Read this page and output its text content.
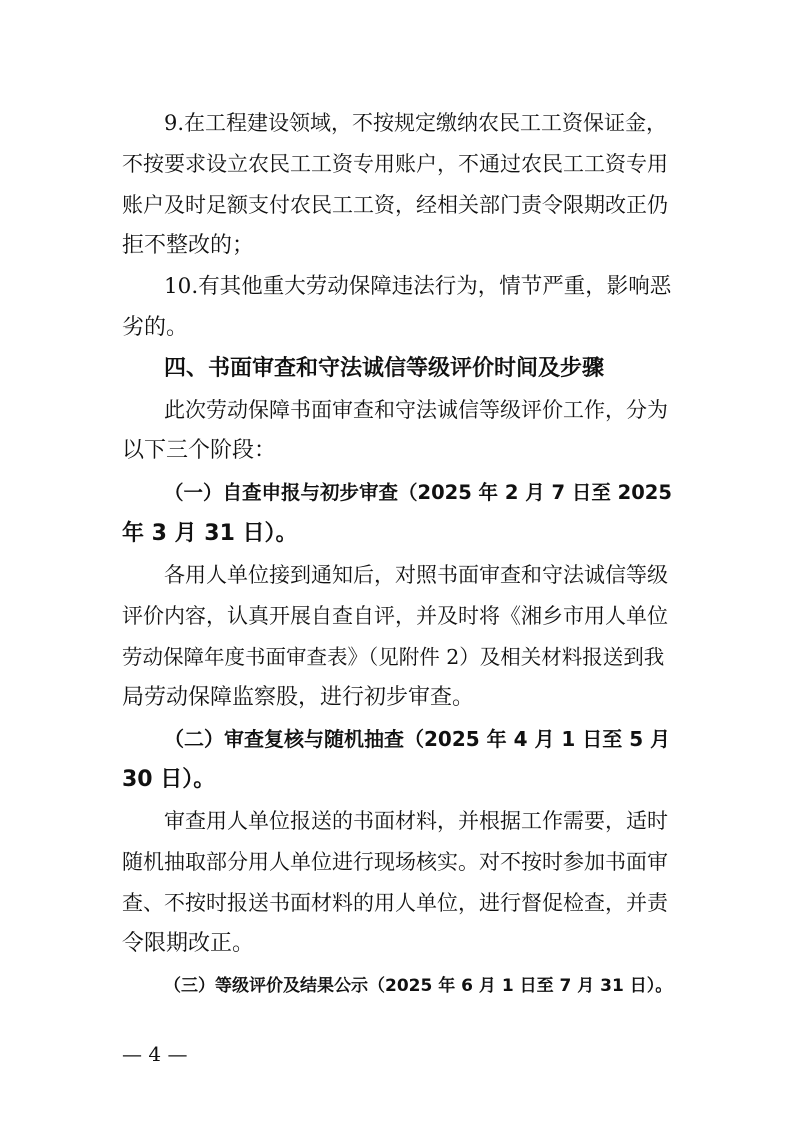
9.在工程建设领域，不按规定缴纳农民工工资保证金，
不按要求设立农民工工资专用账户，不通过农民工工资专用
账户及时足额支付农民工工资，经相关部门责令限期改正仍
拒不整改的；
10.有其他重大劳动保障违法行为，情节严重，影响恶
劣的。
四、书面审查和守法诚信等级评价时间及步骤
此次劳动保障书面审查和守法诚信等级评价工作，分为
以下三个阶段：
（一）自查申报与初步审查（2025 年 2 月 7 日至 2025
年 3 月 31 日）。
各用人单位接到通知后，对照书面审查和守法诚信等级
评价内容，认真开展自查自评，并及时将《湘乡市用人单位
劳动保障年度书面审查表》（见附件 2）及相关材料报送到我
局劳动保障监察股，进行初步审查。
（二）审查复核与随机抽查（2025 年 4 月 1 日至 5 月
30 日）。
审查用人单位报送的书面材料，并根据工作需要，适时
随机抽取部分用人单位进行现场核实。对不按时参加书面审
查、不按时报送书面材料的用人单位，进行督促检查，并责
令限期改正。
（三）等级评价及结果公示（2025 年 6 月 1 日至 7 月 31 日）。
— 4 —
